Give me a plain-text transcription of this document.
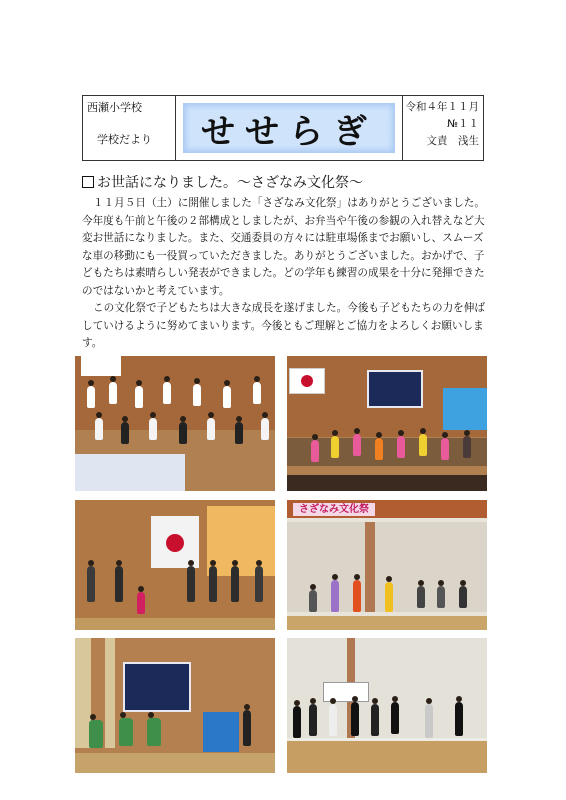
西瀬小学校
学校だより せせらぎ
令和４年１１月
№１１
文責　浅生
お世話になりました。～さざなみ文化祭～

１１月５日（土）に開催しました「さざなみ文化祭」はありがとうございました。今年度も午前と午後の２部構成としましたが、お弁当や午後の参観の入れ替えなど大変お世話になりました。また、交通委員の方々には駐車場係までお願いし、スムーズな車の移動にも一役買っていただきました。ありがとうございました。おかげで、子どもたちは素晴らしい発表ができました。どの学年も練習の成果を十分に発揮できたのではないかと考えています。

この文化祭で子どもたちは大きな成長を遂げました。今後も子どもたちの力を伸ばしていけるように努めてまいります。今後ともご理解とご協力をよろしくお願いします。

さざなみ文化祭
